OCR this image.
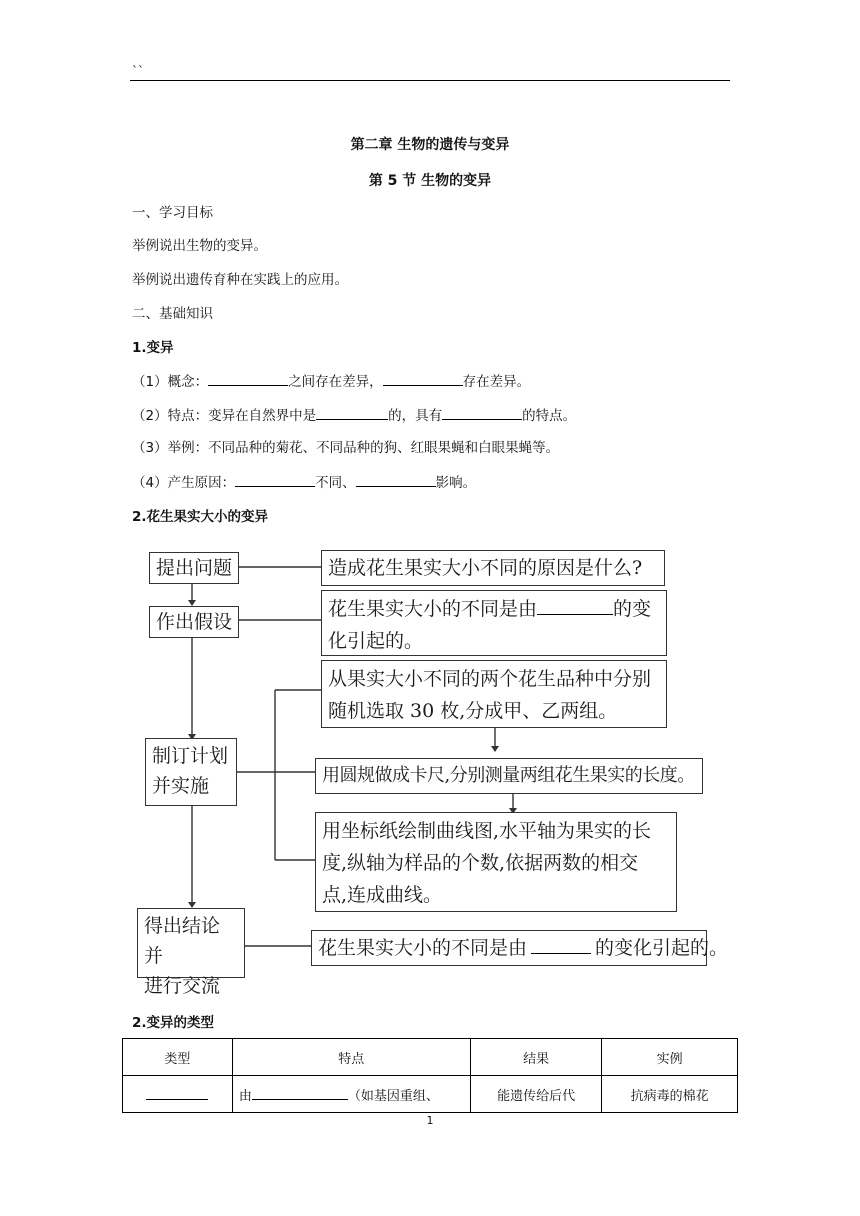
``
第二章 生物的遗传与变异
第 5 节 生物的变异
一、学习目标
举例说出生物的变异。
举例说出遗传育种在实践上的应用。
二、基础知识
1.变异
（1）概念：	之间存在差异，	存在差异。
（2）特点：变异在自然界中是	的，具有	的特点。
（3）举例：不同品种的菊花、不同品种的狗、红眼果蝇和白眼果蝇等。
（4）产生原因：	不同、	影响。
2.花生果实大小的变异
提出问题
作出假设
制订计划
并实施
得出结论并
进行交流
造成花生果实大小不同的原因是什么?
花生果实大小的不同是由	的变
化引起的。
从果实大小不同的两个花生品种中分别
随机选取 30 枚,分成甲、乙两组。
用圆规做成卡尺,分别测量两组花生果实的长度。
用坐标纸绘制曲线图,水平轴为果实的长
度,纵轴为样品的个数,依据两数的相交
点,连成曲线。
花生果实大小的不同是由	的变化引起的。
2.变异的类型
类型	特点	结果	实例
	由 （如基因重组、	能遗传给后代	抗病毒的棉花
1
